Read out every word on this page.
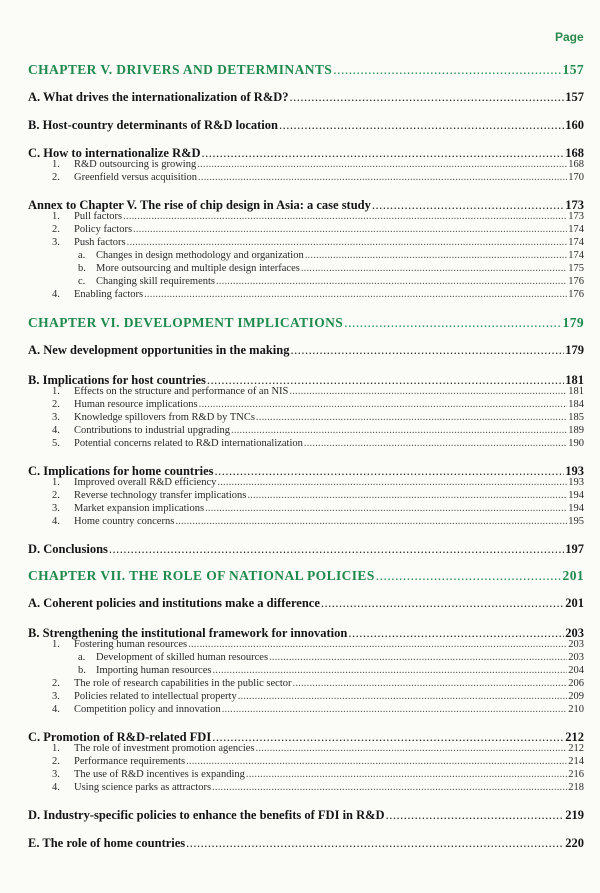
Page
CHAPTER V. DRIVERS AND DETERMINANTS .....	157
A. What drives the internationalization of R&D? .....	157
B. Host-country determinants of R&D location .....	160
C. How to internationalize R&D .....	168
1. R&D outsourcing is growing .....	168
2. Greenfield versus acquisition .....	170
Annex to Chapter V. The rise of chip design in Asia: a case study .....	173
1. Pull factors .....	173
2. Policy factors .....	174
3. Push factors .....	174
a. Changes in design methodology and organization .....	174
b. More outsourcing and multiple design interfaces .....	175
c. Changing skill requirements .....	176
4. Enabling factors .....	176
CHAPTER VI. DEVELOPMENT IMPLICATIONS .....	179
A. New development opportunities in the making .....	179
B. Implications for host countries .....	181
1. Effects on the structure and performance of an NIS .....	181
2. Human resource implications .....	184
3. Knowledge spillovers from R&D by TNCs .....	185
4. Contributions to industrial upgrading .....	189
5. Potential concerns related to R&D internationalization .....	190
C. Implications for home countries .....	193
1. Improved overall R&D efficiency .....	193
2. Reverse technology transfer implications .....	194
3. Market expansion implications .....	194
4. Home country concerns .....	195
D. Conclusions .....	197
CHAPTER VII. THE ROLE OF NATIONAL POLICIES .....	201
A. Coherent policies and institutions make a difference .....	201
B. Strengthening the institutional framework for innovation .....	203
1. Fostering human resources .....	203
a. Development of skilled human resources .....	203
b. Importing human resources .....	204
2. The role of research capabilities in the public sector .....	206
3. Policies related to intellectual property .....	209
4. Competition policy and innovation .....	210
C. Promotion of R&D-related FDI .....	212
1. The role of investment promotion agencies .....	212
2. Performance requirements .....	214
3. The use of R&D incentives is expanding .....	216
4. Using science parks as attractors .....	218
D. Industry-specific policies to enhance the benefits of FDI in R&D .....	219
E. The role of home countries .....	220
